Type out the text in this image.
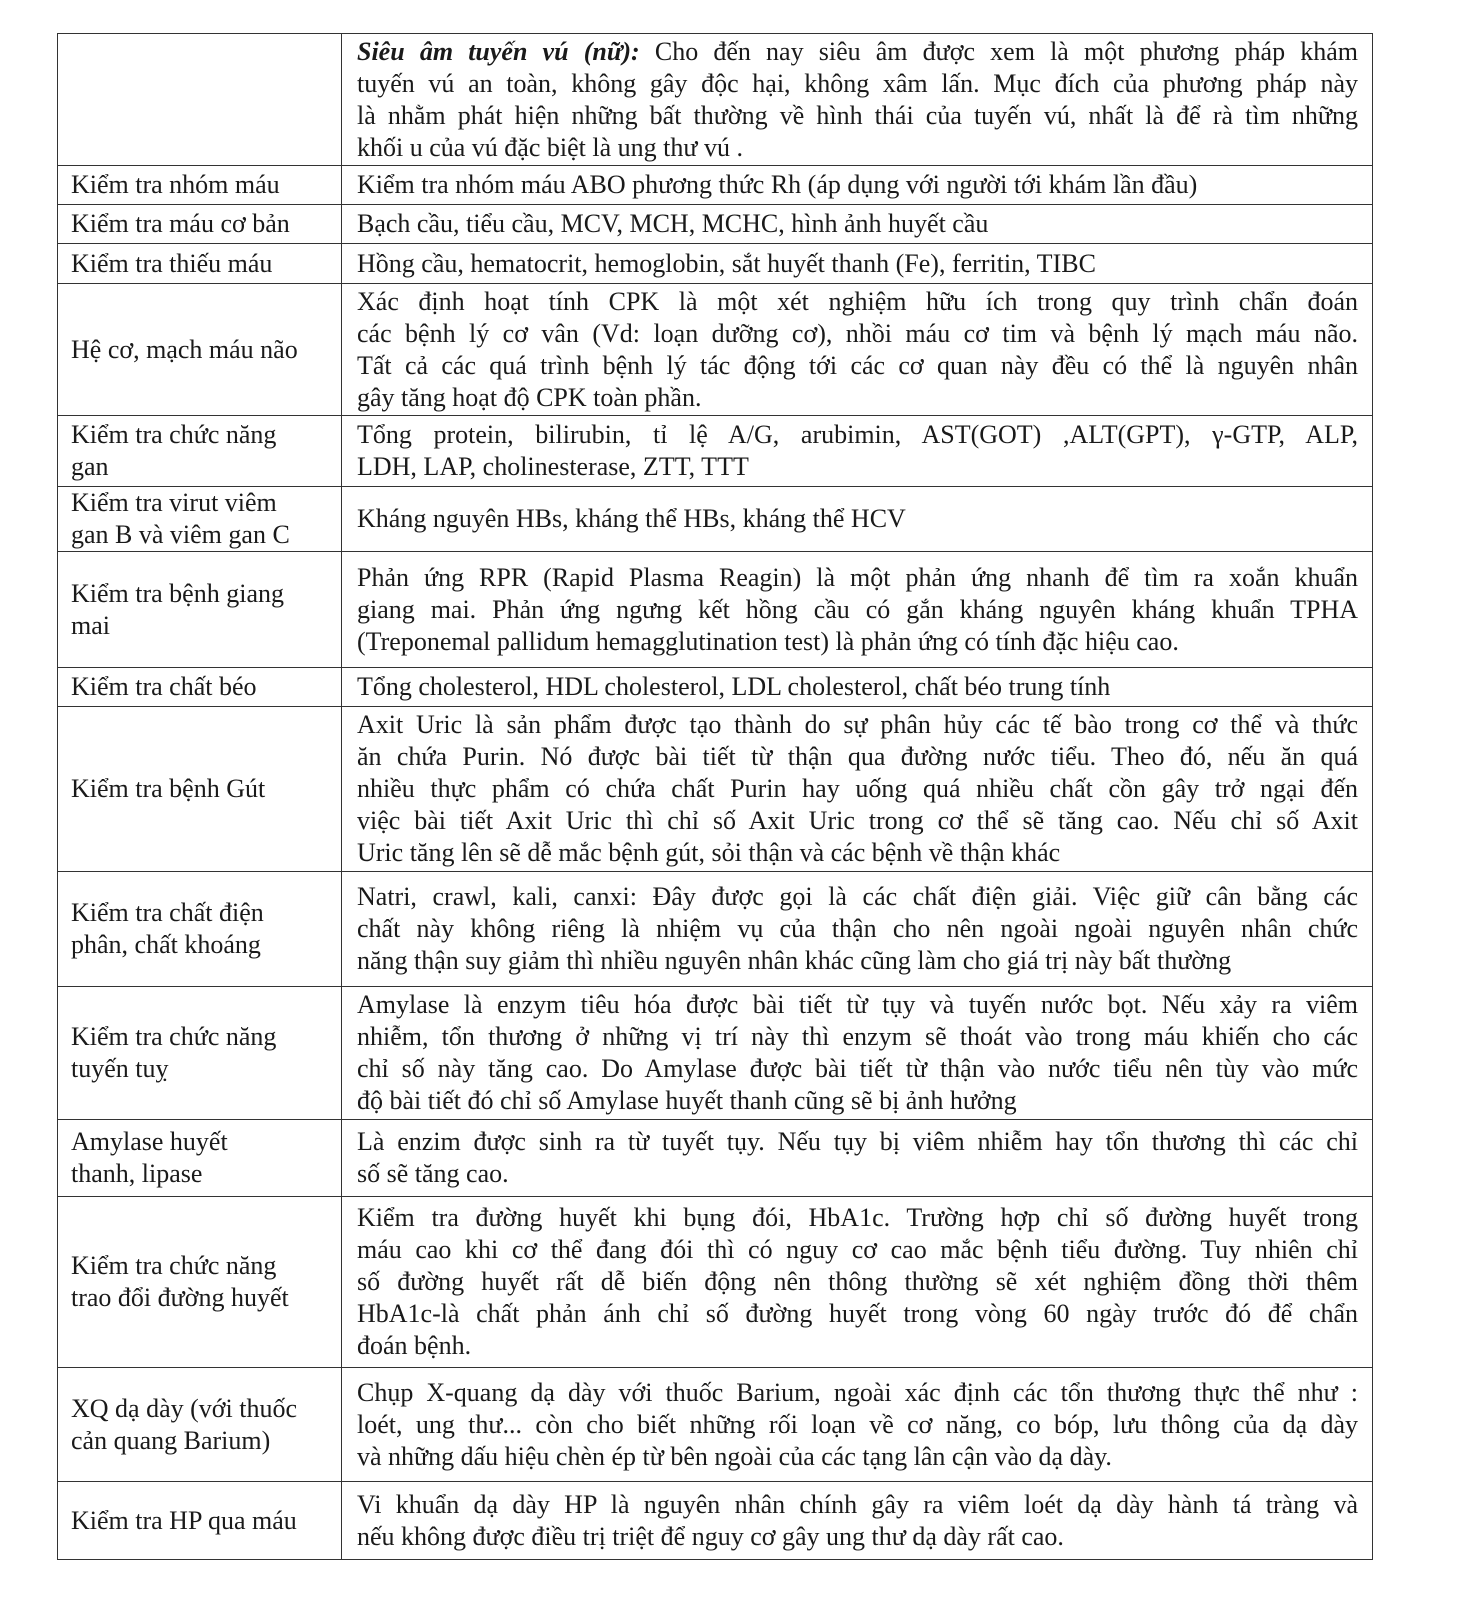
	Siêu âm tuyến vú (nữ): Cho đến nay siêu âm được xem là một phương pháp khám
tuyến vú an toàn, không gây độc hại, không xâm lấn. Mục đích của phương pháp này
là nhằm phát hiện những bất thường về hình thái của tuyến vú, nhất là để rà tìm những
khối u của vú đặc biệt là ung thư vú .

Kiểm tra nhóm máu	Kiểm tra nhóm máu ABO phương thức Rh (áp dụng với người tới khám lần đầu)

Kiểm tra máu cơ bản	Bạch cầu, tiểu cầu, MCV, MCH, MCHC, hình ảnh huyết cầu

Kiểm tra thiếu máu	Hồng cầu, hematocrit, hemoglobin, sắt huyết thanh (Fe), ferritin, TIBC

Hệ cơ, mạch máu não	Xác định hoạt tính CPK là một xét nghiệm hữu ích trong quy trình chẩn đoán
các bệnh lý cơ vân (Vd: loạn dưỡng cơ), nhồi máu cơ tim và bệnh lý mạch máu não.
Tất cả các quá trình bệnh lý tác động tới các cơ quan này đều có thể là nguyên nhân
gây tăng hoạt độ CPK toàn phần.

Kiểm tra chức năng
gan	Tổng protein, bilirubin, tỉ lệ A/G, arubimin, AST(GOT) ,ALT(GPT), γ-GTP, ALP,
LDH, LAP, cholinesterase, ZTT, TTT

Kiểm tra virut viêm
gan B và viêm gan C	Kháng nguyên HBs, kháng thể HBs, kháng thể HCV

Kiểm tra bệnh giang
mai	Phản ứng RPR (Rapid Plasma Reagin) là một phản ứng nhanh để tìm ra xoắn khuẩn
giang mai. Phản ứng ngưng kết hồng cầu có gắn kháng nguyên kháng khuẩn TPHA
(Treponemal pallidum hemagglutination test) là phản ứng có tính đặc hiệu cao.

Kiểm tra chất béo	Tổng cholesterol, HDL cholesterol, LDL cholesterol, chất béo trung tính

Kiểm tra bệnh Gút	Axit Uric là sản phẩm được tạo thành do sự phân hủy các tế bào trong cơ thể và thức
ăn chứa Purin. Nó được bài tiết từ thận qua đường nước tiểu. Theo đó, nếu ăn quá
nhiều thực phẩm có chứa chất Purin hay uống quá nhiều chất cồn gây trở ngại đến
việc bài tiết Axit Uric thì chỉ số Axit Uric trong cơ thể sẽ tăng cao. Nếu chỉ số Axit
Uric tăng lên sẽ dễ mắc bệnh gút, sỏi thận và các bệnh về thận khác

Kiểm tra chất điện
phân, chất khoáng	Natri, crawl, kali, canxi: Đây được gọi là các chất điện giải. Việc giữ cân bằng các
chất này không riêng là nhiệm vụ của thận cho nên ngoài ngoài nguyên nhân chức
năng thận suy giảm thì nhiều nguyên nhân khác cũng làm cho giá trị này bất thường

Kiểm tra chức năng
tuyến tuỵ	Amylase là enzym tiêu hóa được bài tiết từ tụy và tuyến nước bọt. Nếu xảy ra viêm
nhiễm, tổn thương ở những vị trí này thì enzym sẽ thoát vào trong máu khiến cho các
chỉ số này tăng cao. Do Amylase được bài tiết từ thận vào nước tiểu nên tùy vào mức
độ bài tiết đó chỉ số Amylase huyết thanh cũng sẽ bị ảnh hưởng

Amylase huyết
thanh, lipase	Là enzim được sinh ra từ tuyết tụy. Nếu tụy bị viêm nhiễm hay tổn thương thì các chỉ
số sẽ tăng cao.

Kiểm tra chức năng
trao đổi đường huyết	Kiểm tra đường huyết khi bụng đói, HbA1c. Trường hợp chỉ số đường huyết trong
máu cao khi cơ thể đang đói thì có nguy cơ cao mắc bệnh tiểu đường. Tuy nhiên chỉ
số đường huyết rất dễ biến động nên thông thường sẽ xét nghiệm đồng thời thêm
HbA1c-là chất phản ánh chỉ số đường huyết trong vòng 60 ngày trước đó để chẩn
đoán bệnh.

XQ dạ dày (với thuốc
cản quang Barium)	Chụp X-quang dạ dày với thuốc Barium, ngoài xác định các tổn thương thực thể như :
loét, ung thư... còn cho biết những rối loạn về cơ năng, co bóp, lưu thông của dạ dày
và những dấu hiệu chèn ép từ bên ngoài của các tạng lân cận vào dạ dày.

Kiểm tra HP qua máu	Vi khuẩn dạ dày HP là nguyên nhân chính gây ra viêm loét dạ dày hành tá tràng và
nếu không được điều trị triệt để nguy cơ gây ung thư dạ dày rất cao.
